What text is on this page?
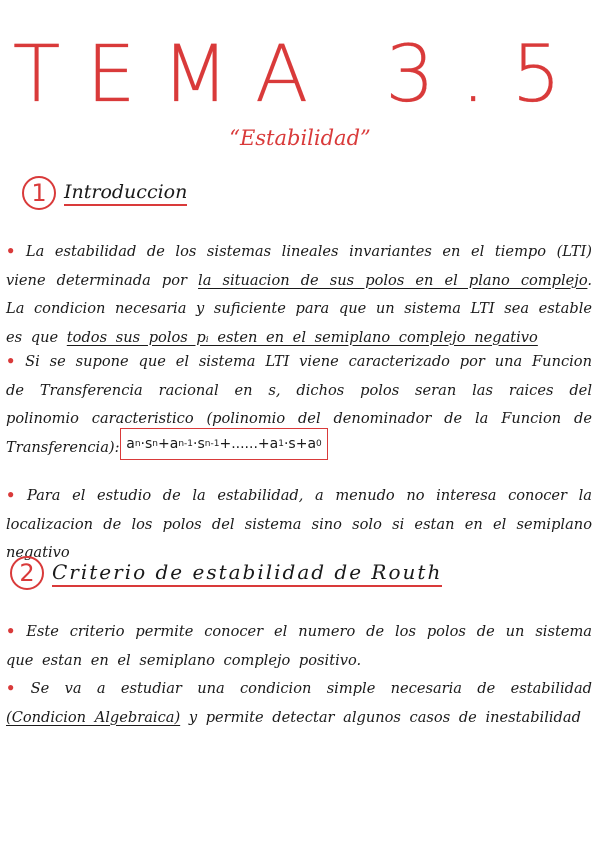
TEMA 3.5
“Estabilidad”
1 Introduccion
• La estabilidad de los sistemas lineales invariantes en el tiempo (LTI) viene determinada por la situacion de sus polos en el plano complejo. La condicion necesaria y suficiente para que un sistema LTI sea estable es que todos sus polos pᵢ esten en el semiplano complejo negativo
• Si se supone que el sistema LTI viene caracterizado por una Funcion de Transferencia racional en s, dichos polos seran las raices del polinomio caracteristico (polinomio del denominador de la Funcion de Transferencia): a n · s n + a n-1 · s n-1 +......+ a 1 ·s+a 0
• Para el estudio de la estabilidad, a menudo no interesa conocer la localizacion de los polos del sistema sino solo si estan en el semiplano negativo
2 Criterio de estabilidad de Routh
• Este criterio permite conocer el numero de los polos de un sistema que estan en el semiplano complejo positivo.
• Se va a estudiar una condicion simple necesaria de estabilidad (Condicion Algebraica) y permite detectar algunos casos de inestabilidad
